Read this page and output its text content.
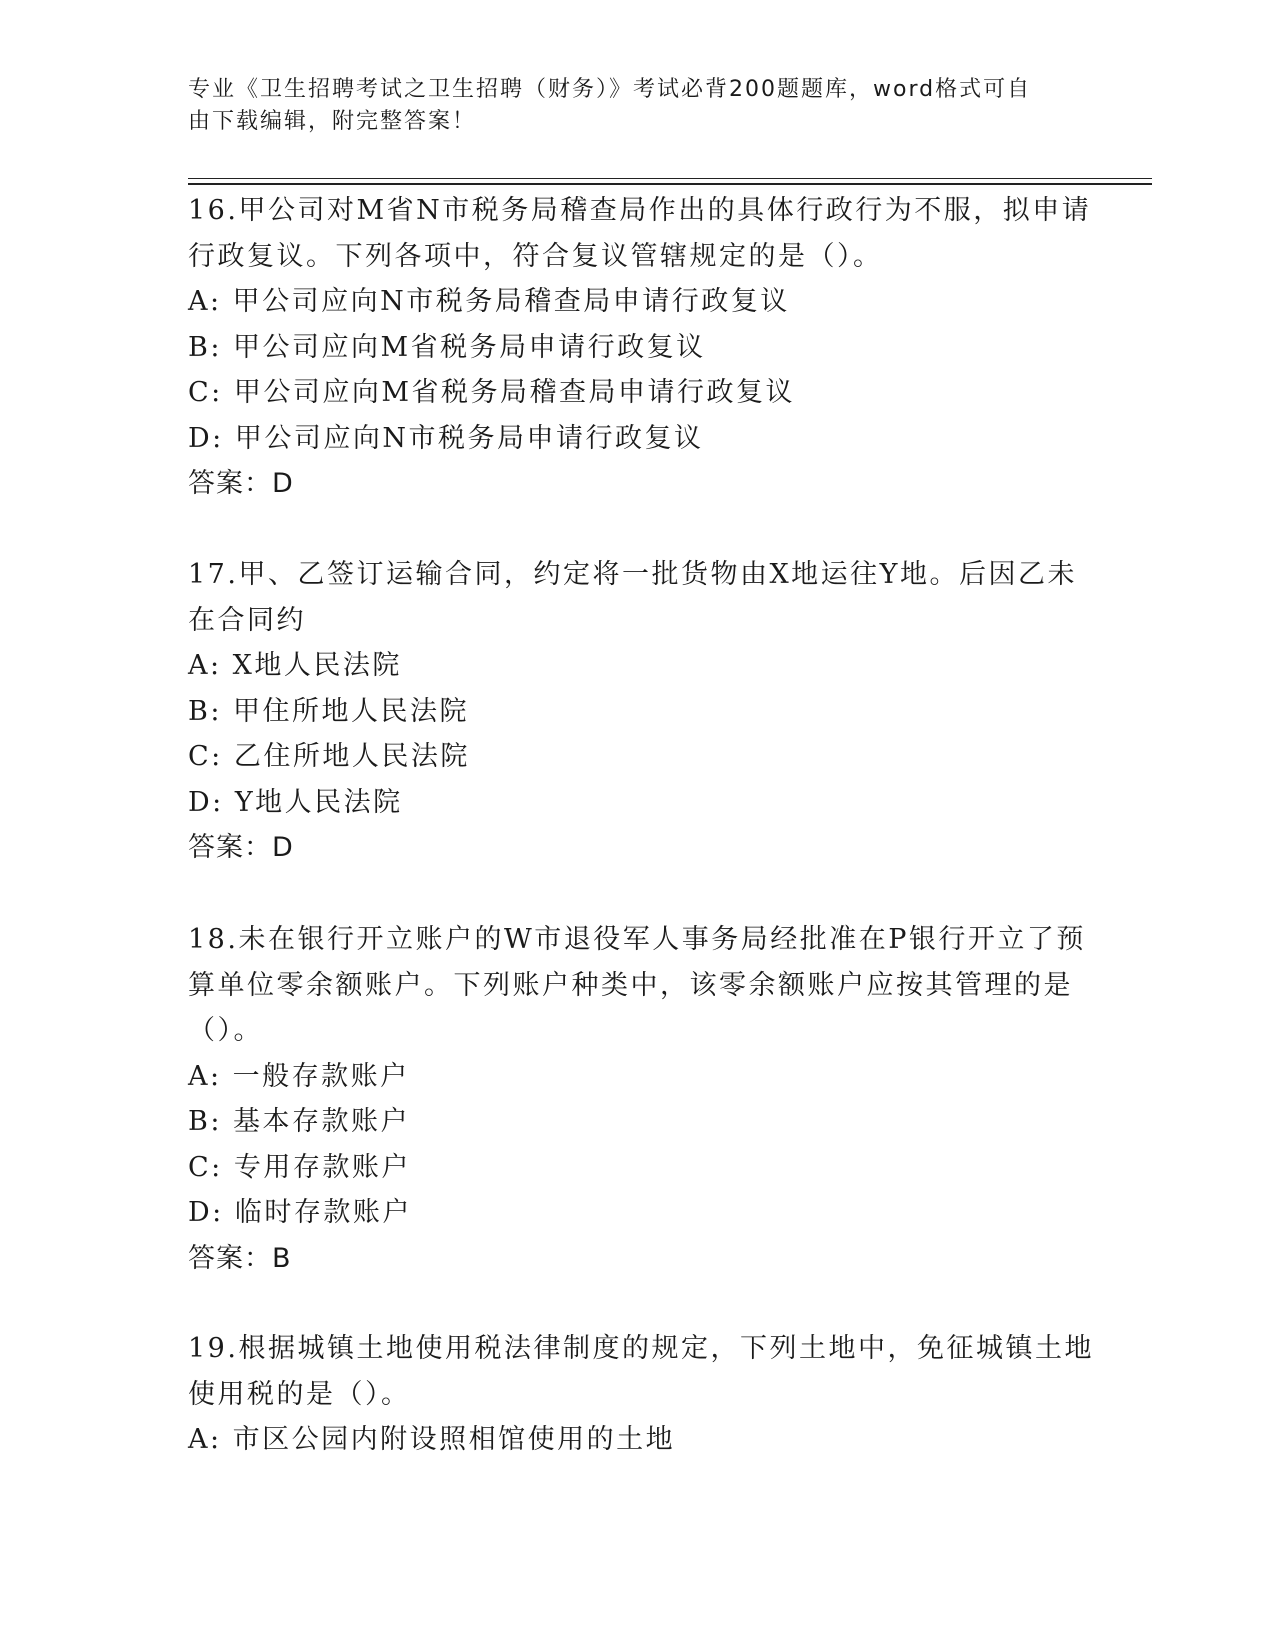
专业《卫生招聘考试之卫生招聘（财务）》考试必背200题题库，word格式可自
由下载编辑，附完整答案！
16.甲公司对M省N市税务局稽查局作出的具体行政行为不服，拟申请
行政复议。下列各项中，符合复议管辖规定的是（）。
A: 甲公司应向N市税务局稽查局申请行政复议
B: 甲公司应向M省税务局申请行政复议
C: 甲公司应向M省税务局稽查局申请行政复议
D: 甲公司应向N市税务局申请行政复议
答案：D
17.甲、乙签订运输合同，约定将一批货物由X地运往Y地。后因乙未
在合同约
A: X地人民法院
B: 甲住所地人民法院
C: 乙住所地人民法院
D: Y地人民法院
答案：D
18.未在银行开立账户的W市退役军人事务局经批准在P银行开立了预
算单位零余额账户。下列账户种类中，该零余额账户应按其管理的是
（）。
A: 一般存款账户
B: 基本存款账户
C: 专用存款账户
D: 临时存款账户
答案：B
19.根据城镇土地使用税法律制度的规定，下列土地中，免征城镇土地
使用税的是（）。
A: 市区公园内附设照相馆使用的土地
